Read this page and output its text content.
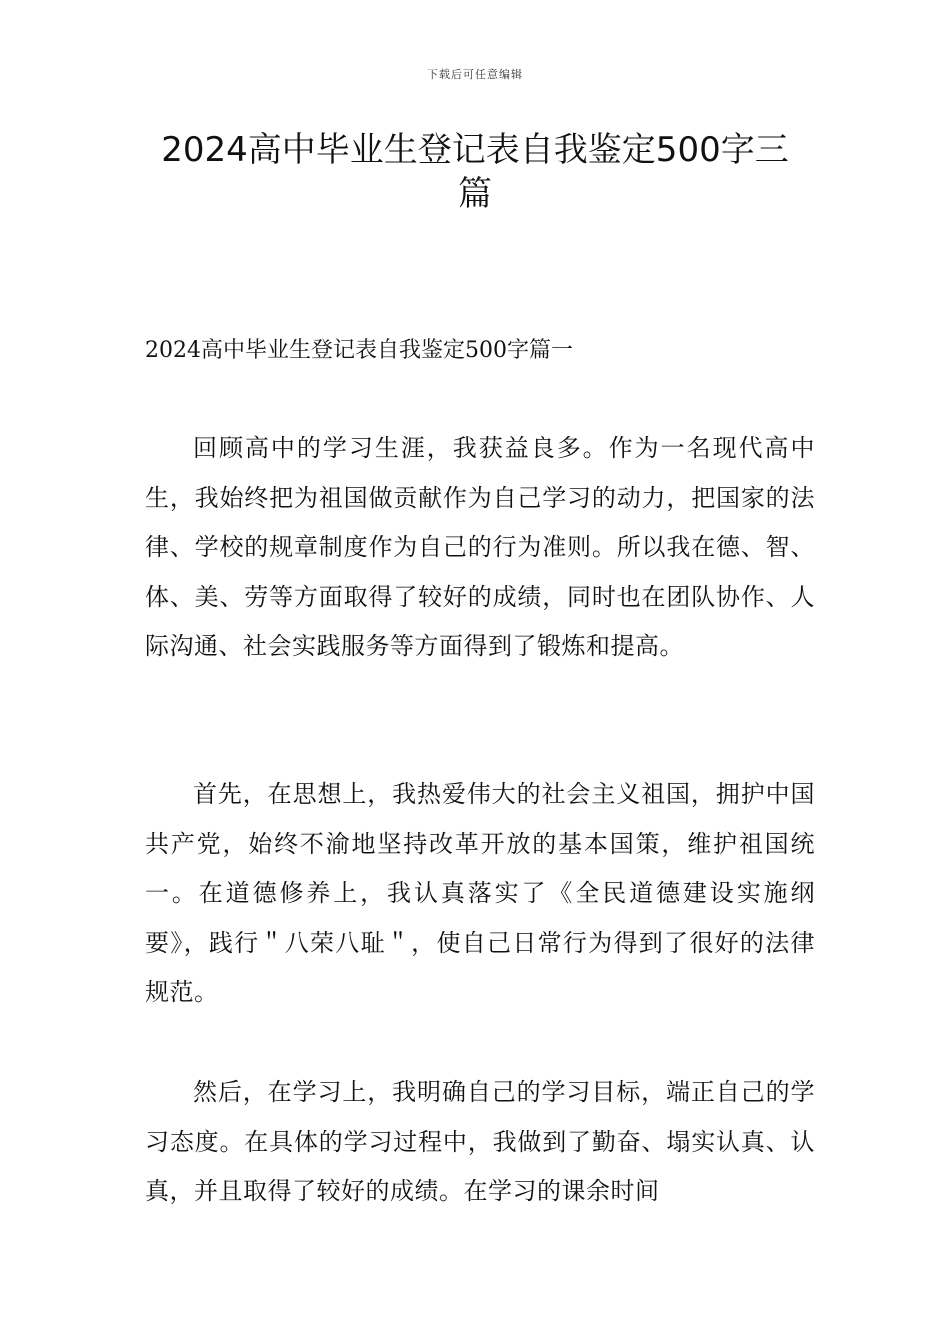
下载后可任意编辑
2024高中毕业生登记表自我鉴定500字三篇
2024高中毕业生登记表自我鉴定500字篇一

回顾高中的学习生涯，我获益良多。作为一名现代高中生，我始终把为祖国做贡献作为自己学习的动力，把国家的法律、学校的规章制度作为自己的行为准则。所以我在德、智、体、美、劳等方面取得了较好的成绩，同时也在团队协作、人际沟通、社会实践服务等方面得到了锻炼和提高。

首先，在思想上，我热爱伟大的社会主义祖国，拥护中国共产党，始终不渝地坚持改革开放的基本国策，维护祖国统一。在道德修养上，我认真落实了《全民道德建设实施纲要》，践行＂八荣八耻＂，使自己日常行为得到了很好的法律规范。

然后，在学习上，我明确自己的学习目标，端正自己的学习态度。在具体的学习过程中，我做到了勤奋、塌实认真、认真，并且取得了较好的成绩。在学习的课余时间
